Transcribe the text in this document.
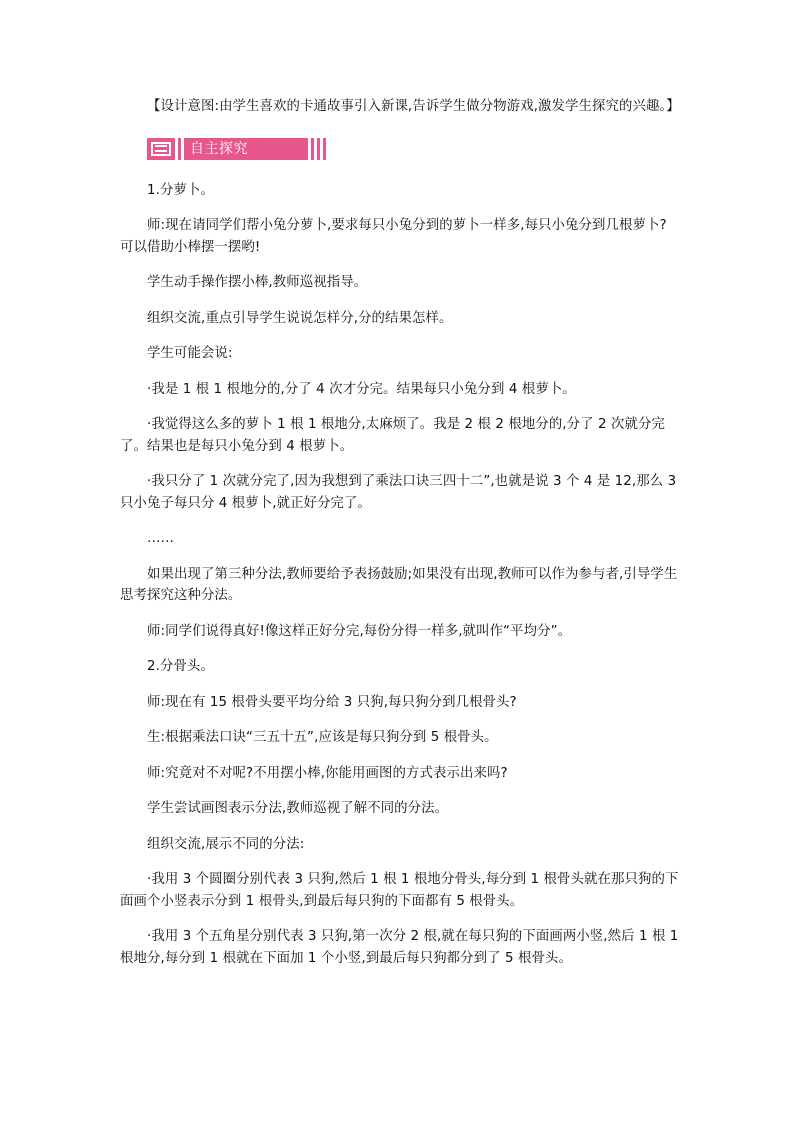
【设计意图:由学生喜欢的卡通故事引入新课,告诉学生做分物游戏,激发学生探究的兴趣。】

自主探究

1.分萝卜。

师:现在请同学们帮小兔分萝卜,要求每只小兔分到的萝卜一样多,每只小兔分到几根萝卜?可以借助小棒摆一摆哟!

学生动手操作摆小棒,教师巡视指导。

组织交流,重点引导学生说说怎样分,分的结果怎样。

学生可能会说:

·我是 1 根 1 根地分的,分了 4 次才分完。结果每只小兔分到 4 根萝卜。

·我觉得这么多的萝卜 1 根 1 根地分,太麻烦了。我是 2 根 2 根地分的,分了 2 次就分完了。结果也是每只小兔分到 4 根萝卜。

·我只分了 1 次就分完了,因为我想到了乘法口诀三四十二”,也就是说 3 个 4 是 12,那么 3 只小兔子每只分 4 根萝卜,就正好分完了。

……

如果出现了第三种分法,教师要给予表扬鼓励;如果没有出现,教师可以作为参与者,引导学生思考探究这种分法。

师:同学们说得真好!像这样正好分完,每份分得一样多,就叫作“平均分”。

2.分骨头。

师:现在有 15 根骨头要平均分给 3 只狗,每只狗分到几根骨头?

生:根据乘法口诀“三五十五”,应该是每只狗分到 5 根骨头。

师:究竟对不对呢?不用摆小棒,你能用画图的方式表示出来吗?

学生尝试画图表示分法,教师巡视了解不同的分法。

组织交流,展示不同的分法:

·我用 3 个圆圈分别代表 3 只狗,然后 1 根 1 根地分骨头,每分到 1 根骨头就在那只狗的下面画个小竖表示分到 1 根骨头,到最后每只狗的下面都有 5 根骨头。

·我用 3 个五角星分别代表 3 只狗,第一次分 2 根,就在每只狗的下面画两小竖,然后 1 根 1 根地分,每分到 1 根就在下面加 1 个小竖,到最后每只狗都分到了 5 根骨头。
